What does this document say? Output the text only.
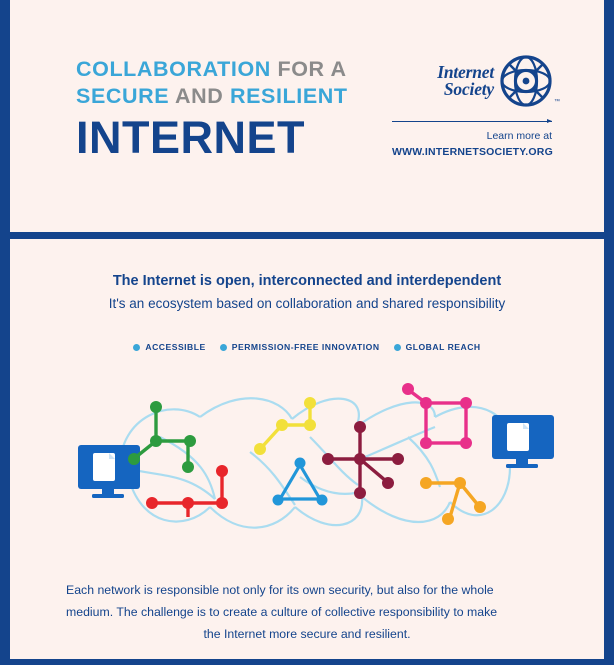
COLLABORATION FOR A
SECURE AND RESILIENT
INTERNET
Internet
Society
™
Learn more at
WWW.INTERNETSOCIETY.ORG
The Internet is open, interconnected and interdependent
It's an ecosystem based on collaboration and shared responsibility
ACCESSIBLE	PERMISSION-FREE INNOVATION	GLOBAL REACH
Each network is responsible not only for its own security, but also for the whole
medium. The challenge is to create a culture of collective responsibility to make
the Internet more secure and resilient.
